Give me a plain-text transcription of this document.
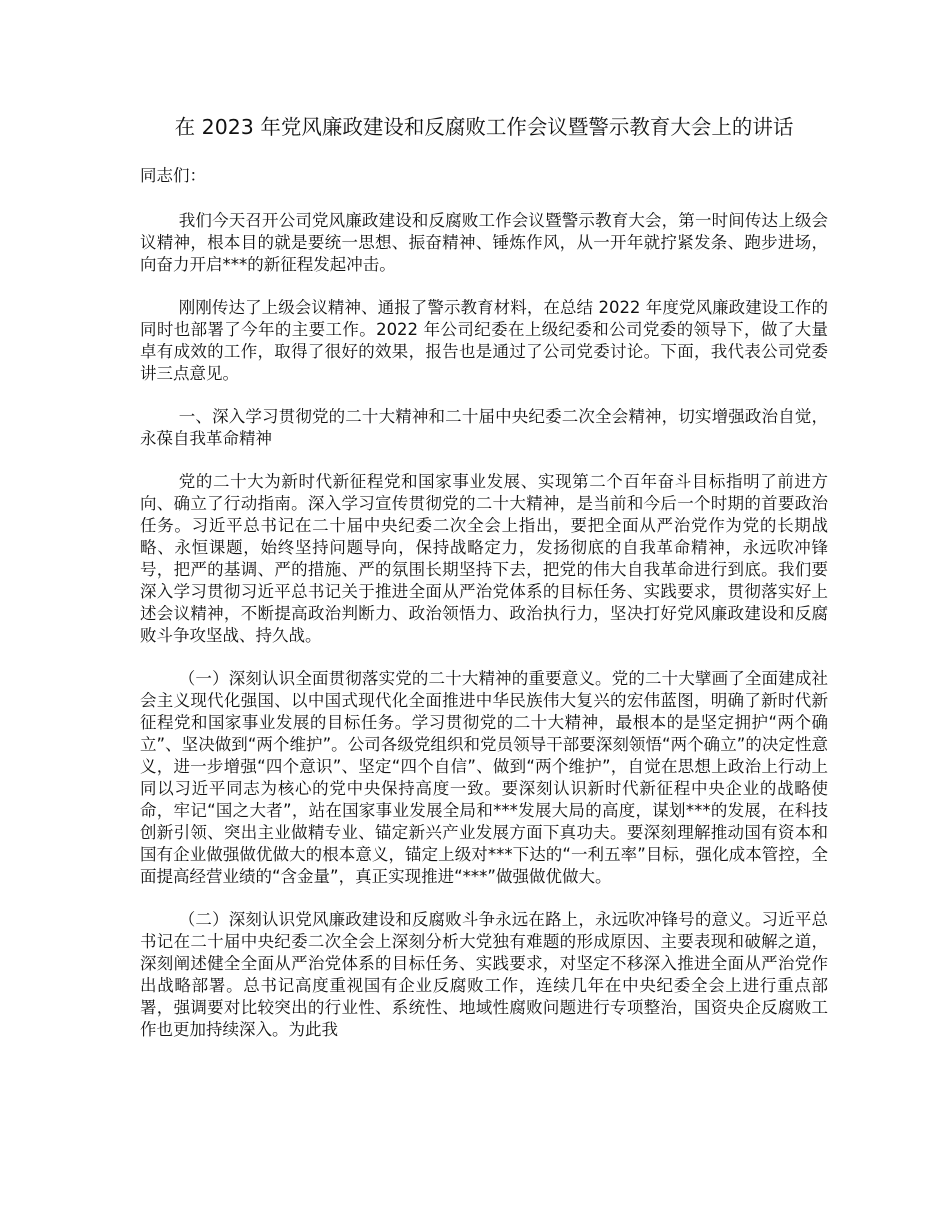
在 2023 年党风廉政建设和反腐败工作会议暨警示教育大会上的讲话

同志们：

我们今天召开公司党风廉政建设和反腐败工作会议暨警示教育大会，第一时间传达上级会议精神，根本目的就是要统一思想、振奋精神、锤炼作风，从一开年就拧紧发条、跑步进场，向奋力开启***的新征程发起冲击。

刚刚传达了上级会议精神、通报了警示教育材料，在总结 2022 年度党风廉政建设工作的同时也部署了今年的主要工作。2022 年公司纪委在上级纪委和公司党委的领导下，做了大量卓有成效的工作，取得了很好的效果，报告也是通过了公司党委讨论。下面，我代表公司党委讲三点意见。

一、深入学习贯彻党的二十大精神和二十届中央纪委二次全会精神，切实增强政治自觉，永葆自我革命精神

党的二十大为新时代新征程党和国家事业发展、实现第二个百年奋斗目标指明了前进方向、确立了行动指南。深入学习宣传贯彻党的二十大精神，是当前和今后一个时期的首要政治任务。习近平总书记在二十届中央纪委二次全会上指出，要把全面从严治党作为党的长期战略、永恒课题，始终坚持问题导向，保持战略定力，发扬彻底的自我革命精神，永远吹冲锋号，把严的基调、严的措施、严的氛围长期坚持下去，把党的伟大自我革命进行到底。我们要深入学习贯彻习近平总书记关于推进全面从严治党体系的目标任务、实践要求，贯彻落实好上述会议精神，不断提高政治判断力、政治领悟力、政治执行力，坚决打好党风廉政建设和反腐败斗争攻坚战、持久战。

（一）深刻认识全面贯彻落实党的二十大精神的重要意义。党的二十大擘画了全面建成社会主义现代化强国、以中国式现代化全面推进中华民族伟大复兴的宏伟蓝图，明确了新时代新征程党和国家事业发展的目标任务。学习贯彻党的二十大精神，最根本的是坚定拥护“两个确立”、坚决做到“两个维护”。公司各级党组织和党员领导干部要深刻领悟“两个确立”的决定性意义，进一步增强“四个意识”、坚定“四个自信”、做到“两个维护”，自觉在思想上政治上行动上同以习近平同志为核心的党中央保持高度一致。要深刻认识新时代新征程中央企业的战略使命，牢记“国之大者”，站在国家事业发展全局和***发展大局的高度，谋划***的发展，在科技创新引领、突出主业做精专业、锚定新兴产业发展方面下真功夫。要深刻理解推动国有资本和国有企业做强做优做大的根本意义，锚定上级对***下达的“一利五率”目标，强化成本管控，全面提高经营业绩的“含金量”，真正实现推进“***”做强做优做大。

（二）深刻认识党风廉政建设和反腐败斗争永远在路上，永远吹冲锋号的意义。习近平总书记在二十届中央纪委二次全会上深刻分析大党独有难题的形成原因、主要表现和破解之道，深刻阐述健全全面从严治党体系的目标任务、实践要求，对坚定不移深入推进全面从严治党作出战略部署。总书记高度重视国有企业反腐败工作，连续几年在中央纪委全会上进行重点部署，强调要对比较突出的行业性、系统性、地域性腐败问题进行专项整治，国资央企反腐败工作也更加持续深入。为此我
